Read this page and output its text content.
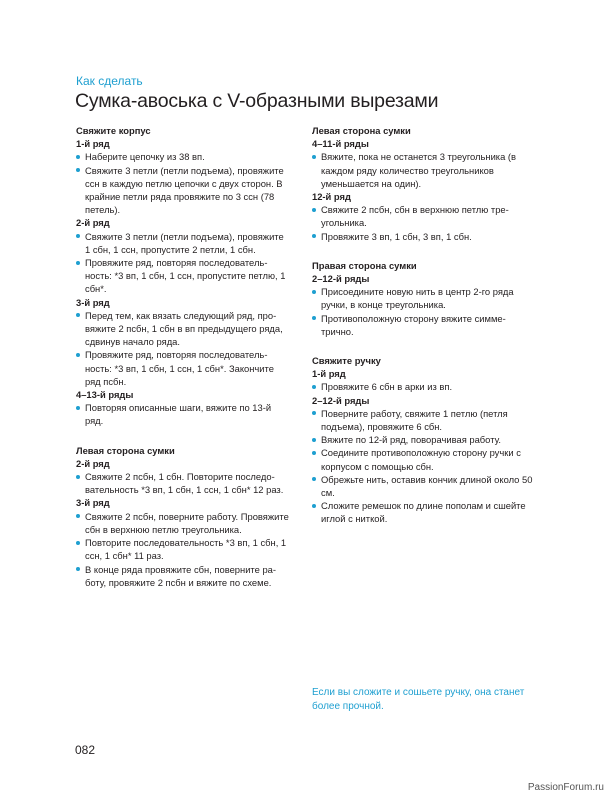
Как сделать
Сумка-авоська с V-образными вырезами
Свяжите корпус
1-й ряд
Наберите цепочку из 38 вп.
Свяжите 3 петли (петли подъема), провяжите ссн в каждую петлю цепочки с двух сторон. В крайние петли ряда провяжите по 3 ссн (78 петель).
2-й ряд
Свяжите 3 петли (петли подъема), провяжите 1 сбн, 1 ссн, пропустите 2 петли, 1 сбн.
Провяжите ряд, повторяя последовательность: *3 вп, 1 сбн, 1 ссн, пропустите петлю, 1 сбн*.
3-й ряд
Перед тем, как вязать следующий ряд, провяжите 2 псбн, 1 сбн в вп предыдущего ряда, сдвинув начало ряда.
Провяжите ряд, повторяя последовательность: *3 вп, 1 сбн, 1 ссн, 1 сбн*. Закончите ряд псбн.
4–13-й ряды
Повторяя описанные шаги, вяжите по 13-й ряд.
Левая сторона сумки
2-й ряд
Свяжите 2 псбн, 1 сбн. Повторите последовательность *3 вп, 1 сбн, 1 ссн, 1 сбн* 12 раз.
3-й ряд
Свяжите 2 псбн, поверните работу. Провяжите сбн в верхнюю петлю треугольника.
Повторите последовательность *3 вп, 1 сбн, 1 ссн, 1 сбн* 11 раз.
В конце ряда провяжите сбн, поверните работу, провяжите 2 псбн и вяжите по схеме.
Левая сторона сумки
4–11-й ряды
Вяжите, пока не останется 3 треугольника (в каждом ряду количество треугольников уменьшается на один).
12-й ряд
Свяжите 2 псбн, сбн в верхнюю петлю треугольника.
Провяжите 3 вп, 1 сбн, 3 вп, 1 сбн.
Правая сторона сумки
2–12-й ряды
Присоедините новую нить в центр 2-го ряда ручки, в конце треугольника.
Противоположную сторону вяжите симметрично.
Свяжите ручку
1-й ряд
Провяжите 6 сбн в арки из вп.
2–12-й ряды
Поверните работу, свяжите 1 петлю (петля подъема), провяжите 6 сбн.
Вяжите по 12-й ряд, поворачивая работу.
Соедините противоположную сторону ручки с корпусом с помощью сбн.
Обрежьте нить, оставив кончик длиной около 50 см.
Сложите ремешок по длине пополам и сшейте иглой с ниткой.
Если вы сложите и сошьете ручку, она станет более прочной.
082
PassionForum.ru
